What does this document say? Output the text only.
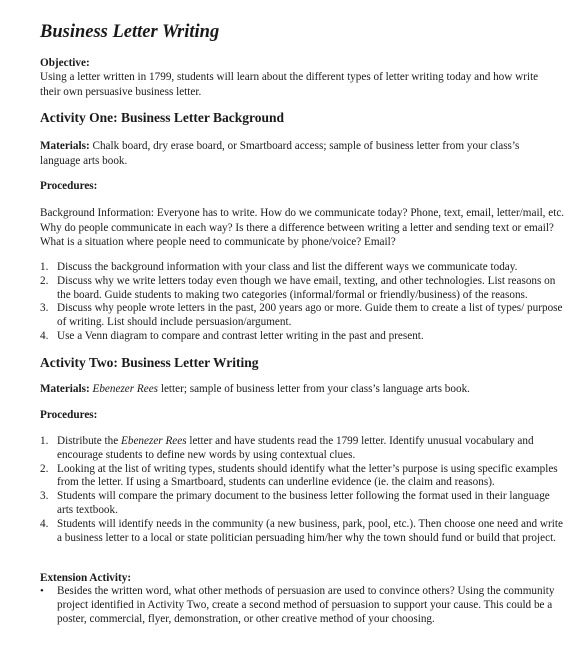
Business Letter Writing
Objective:

Using a letter written in 1799, students will learn about the different types of letter writing today and how write their own persuasive business letter.

Activity One: Business Letter Background

Materials: Chalk board, dry erase board, or Smartboard access; sample of business letter from your class’s language arts book.

Procedures:

Background Information: Everyone has to write. How do we communicate today? Phone, text, email, letter/mail, etc. Why do people communicate in each way? Is there a difference between writing a letter and sending text or email? What is a situation where people need to communicate by phone/voice? Email?

1. Discuss the background information with your class and list the different ways we communicate today.
2. Discuss why we write letters today even though we have email, texting, and other technologies. List reasons on the board. Guide students to making two categories (informal/formal or friendly/business) of the reasons.
3. Discuss why people wrote letters in the past, 200 years ago or more. Guide them to create a list of types/ purpose of writing. List should include persuasion/argument.
4. Use a Venn diagram to compare and contrast letter writing in the past and present.
Activity Two: Business Letter Writing

Materials: Ebenezer Rees letter; sample of business letter from your class’s language arts book.

Procedures:
1. Distribute the Ebenezer Rees letter and have students read the 1799 letter. Identify unusual vocabulary and encourage students to define new words by using contextual clues.
2. Looking at the list of writing types, students should identify what the letter’s purpose is using specific examples from the letter. If using a Smartboard, students can underline evidence (ie. the claim and reasons).
3. Students will compare the primary document to the business letter following the format used in their language arts textbook.
4. Students will identify needs in the community (a new business, park, pool, etc.). Then choose one need and write a business letter to a local or state politician persuading him/her why the town should fund or build that project.
Extension Activity:
• Besides the written word, what other methods of persuasion are used to convince others? Using the community project identified in Activity Two, create a second method of persuasion to support your cause. This could be a poster, commercial, flyer, demonstration, or other creative method of your choosing.
